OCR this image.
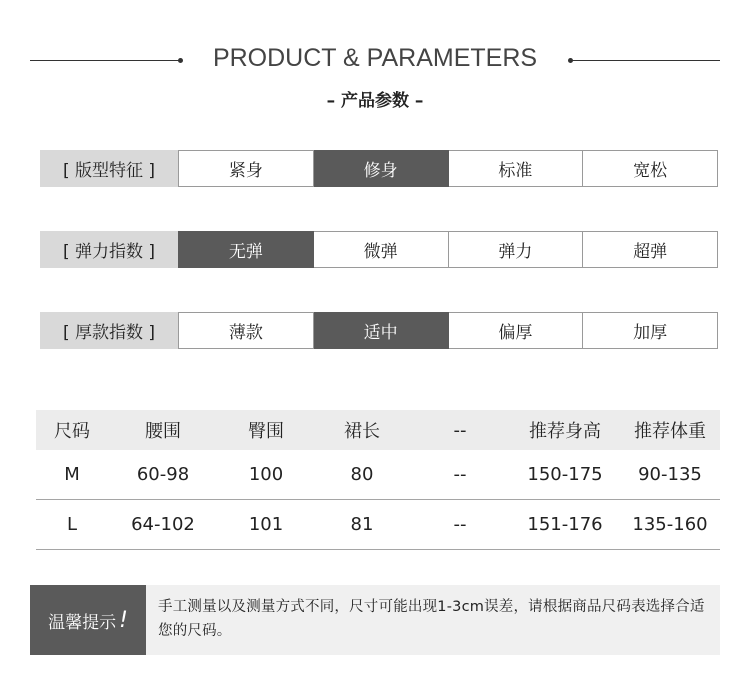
PRODUCT & PARAMETERS
– 产品参数 –
[ 版型特征 ]	紧身	修身	标准	宽松
[ 弹力指数 ]	无弹	微弹	弹力	超弹
[ 厚款指数 ]	薄款	适中	偏厚	加厚
尺码	腰围	臀围	裙长	--	推荐身高	推荐体重
M	60-98	100	80	--	150-175	90-135
L	64-102	101	81	--	151-176	135-160
温馨提示 !
手工测量以及测量方式不同，尺寸可能出现1-3cm误差，请根据商品尺码表选择合适您的尺码。
